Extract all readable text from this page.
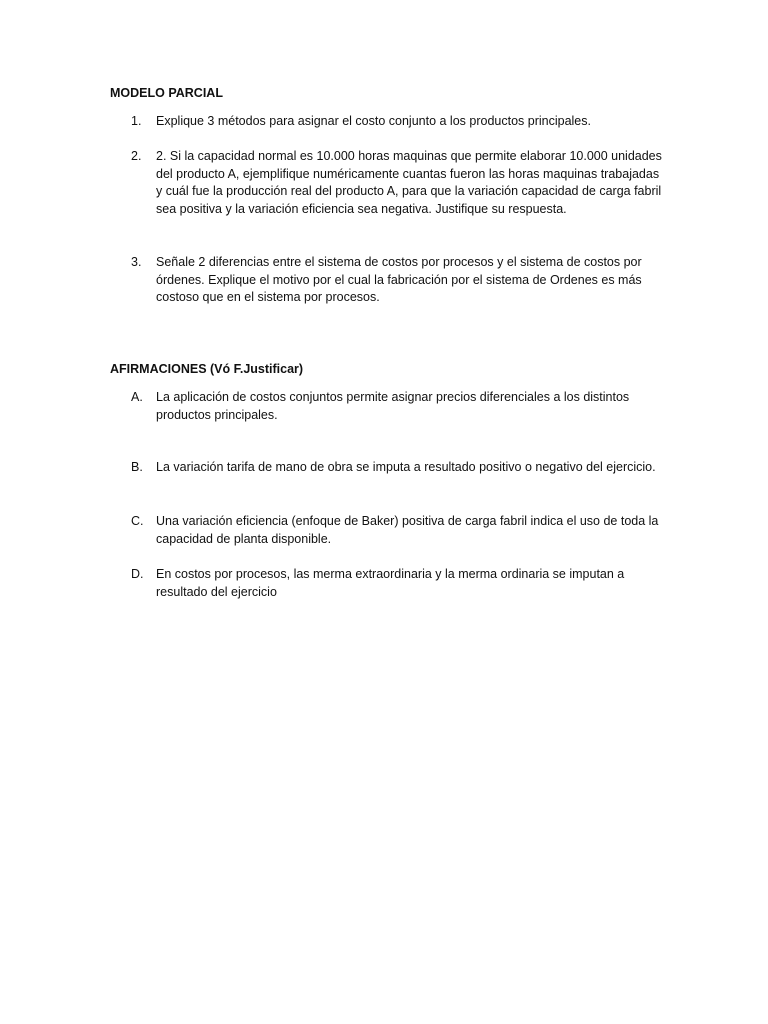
MODELO PARCIAL
1.	Explique 3 métodos para asignar el costo conjunto a los productos principales.
2.	2. Si la capacidad normal es 10.000 horas maquinas que permite elaborar 10.000 unidades del producto A, ejemplifique numéricamente cuantas fueron las horas maquinas trabajadas y cuál fue la producción real del producto A, para que la variación capacidad de carga fabril sea positiva y la variación eficiencia sea negativa. Justifique su respuesta.
3.	Señale 2 diferencias entre el sistema de costos por procesos y el sistema de costos por órdenes. Explique el motivo por el cual la fabricación por el sistema de Ordenes es más costoso que en el sistema por procesos.
AFIRMACIONES (Vó F.Justificar)
A.	La aplicación de costos conjuntos permite asignar precios diferenciales a los distintos productos principales.
B.	La variación tarifa de mano de obra se imputa a resultado positivo o negativo del ejercicio.
C.	Una variación eficiencia (enfoque de Baker) positiva de carga fabril indica el uso de toda la capacidad de planta disponible.
D.	En costos por procesos, las merma extraordinaria y la merma ordinaria se imputan a resultado del ejercicio
